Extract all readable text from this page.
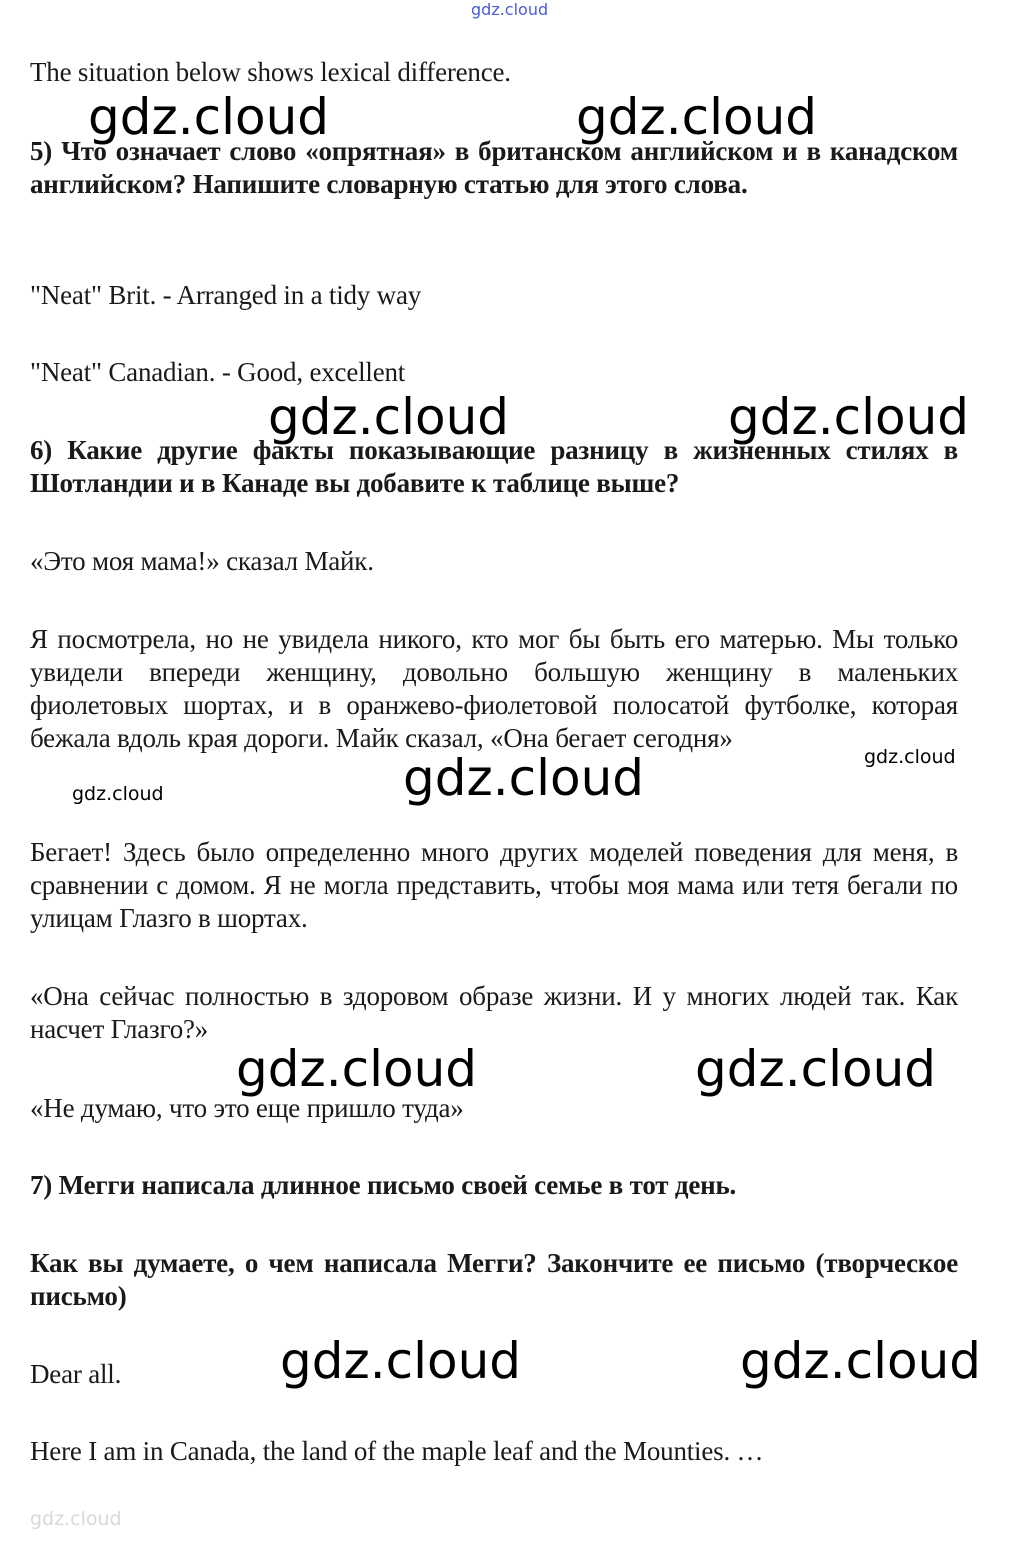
gdz.cloud

The situation below shows lexical difference.

5) Что означает слово «опрятная» в британском английском и в канадском английском? Напишите словарную статью для этого слова.

"Neat" Brit. - Arranged in a tidy way

"Neat" Canadian. - Good, excellent

6) Какие другие факты показывающие разницу в жизненных стилях в Шотландии и в Канаде вы добавите к таблице выше?

«Это моя мама!» сказал Майк.

Я посмотрела, но не увидела никого, кто мог бы быть его матерью. Мы только увидели впереди женщину, довольно большую женщину в маленьких фиолетовых шортах, и в оранжево-фиолетовой полосатой футболке, которая бежала вдоль края дороги. Майк сказал, «Она бегает сегодня»

Бегает! Здесь было определенно много других моделей поведения для меня, в сравнении с домом. Я не могла представить, чтобы моя мама или тетя бегали по улицам Глазго в шортах.

«Она сейчас полностью в здоровом образе жизни. И у многих людей так. Как насчет Глазго?»

«Не думаю, что это еще пришло туда»

7) Мегги написала длинное письмо своей семье в тот день.

Как вы думаете, о чем написала Мегги? Закончите ее письмо (творческое письмо)

Dear all.

Here I am in Canada, the land of the maple leaf and the Mounties. …

gdz.cloud	gdz.cloud
gdz.cloud	gdz.cloud
gdz.cloud	gdz.cloud
gdz.cloud
gdz.cloud	gdz.cloud
gdz.cloud	gdz.cloud
gdz.cloud
